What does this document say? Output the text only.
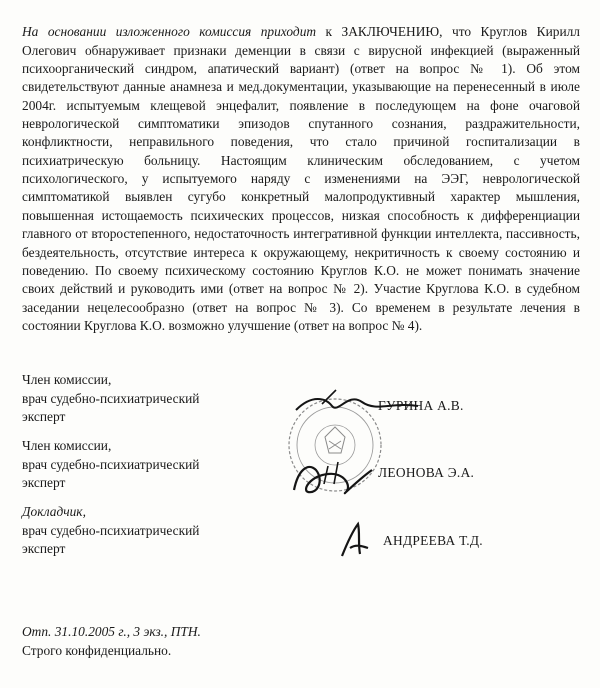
На основании изложенного комиссия приходит к ЗАКЛЮЧЕНИЮ, что Круглов Кирилл Олегович обнаруживает признаки деменции в связи с вирусной инфекцией (выраженный психоорганический синдром, апатический вариант) (ответ на вопрос № 1). Об этом свидетельствуют данные анамнеза и мед.документации, указывающие на перенесенный в июле 2004г. испытуемым клещевой энцефалит, появление в последующем на фоне очаговой неврологической симптоматики эпизодов спутанного сознания, раздражительности, конфликтности, неправильного поведения, что стало причиной госпитализации в психиатрическую больницу. Настоящим клиническим обследованием, с учетом психологического, у испытуемого наряду с изменениями на ЭЭГ, неврологической симптоматикой выявлен сугубо конкретный малопродуктивный характер мышления, повышенная истощаемость психических процессов, низкая способность к дифференциации главного от второстепенного, недостаточность интегративной функции интеллекта, пассивность, бездеятельность, отсутствие интереса к окружающему, некритичность к своему состоянию и поведению. По своему психическому состоянию Круглов К.О. не может понимать значение своих действий и руководить ими (ответ на вопрос № 2). Участие Круглова К.О. в судебном заседании нецелесообразно (ответ на вопрос № 3). Со временем в результате лечения в состоянии Круглова К.О. возможно улучшение (ответ на вопрос № 4).

Член комиссии,
врач судебно-психиатрический
эксперт
ГУРИНА А.В.
Член комиссии,
врач судебно-психиатрический
эксперт
ЛЕОНОВА Э.А.
Докладчик,
врач судебно-психиатрический
эксперт
АНДРЕЕВА Т.Д.
Отп. 31.10.2005 г., 3 экз., ПТН.
Строго конфиденциально.
